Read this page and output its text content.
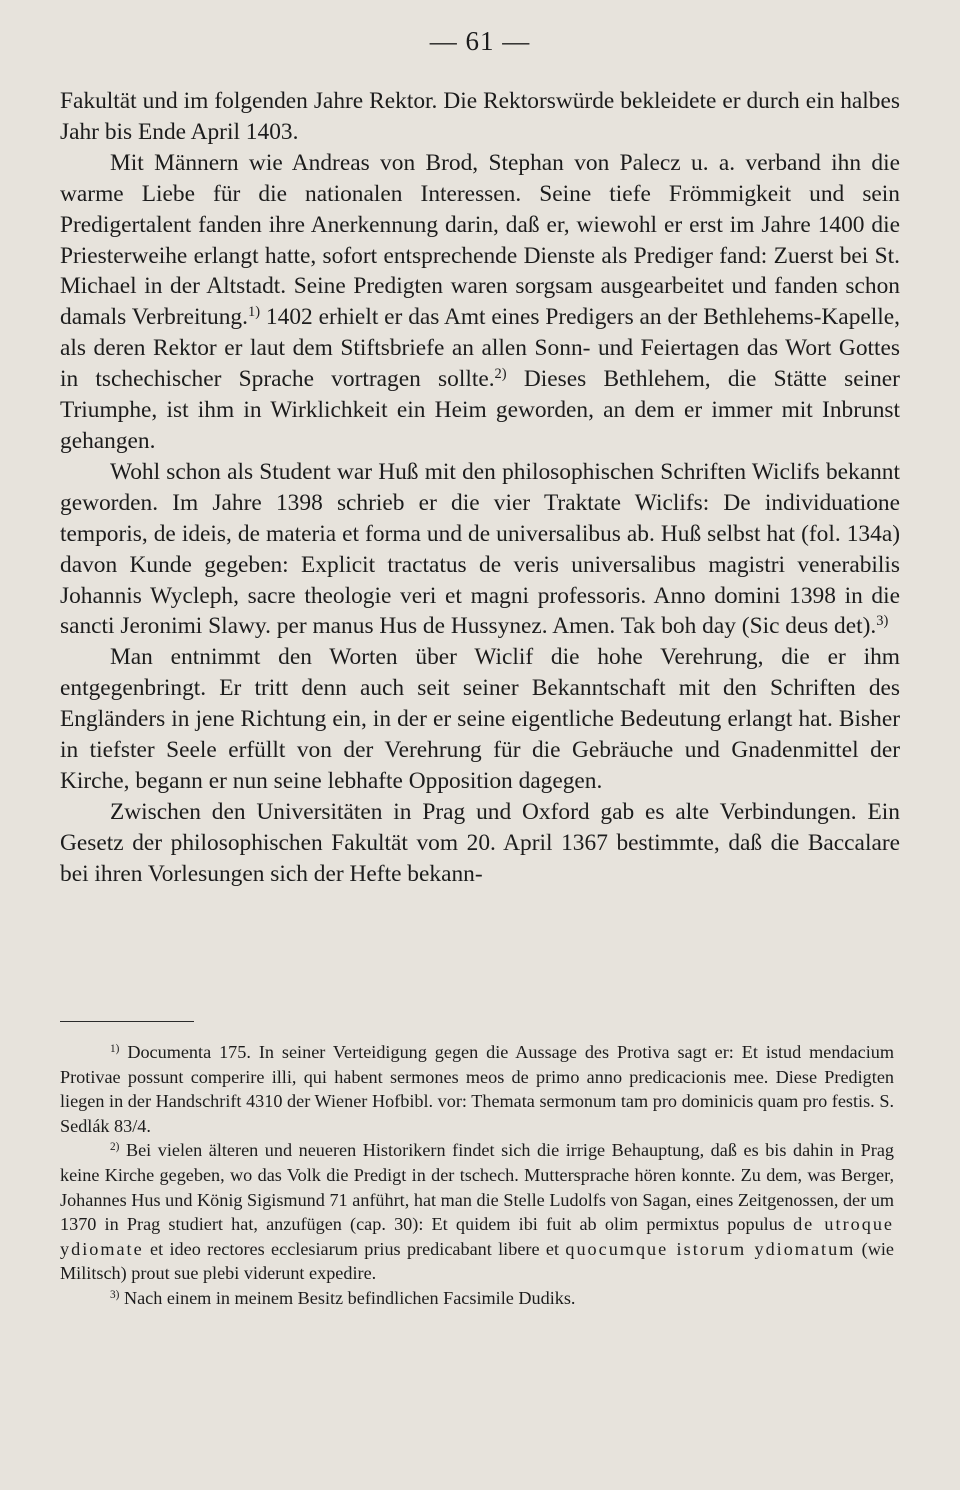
— 61 —

Fakultät und im folgenden Jahre Rektor. Die Rektorswürde bekleidete er durch ein halbes Jahr bis Ende April 1403.

Mit Männern wie Andreas von Brod, Stephan von Palecz u. a. verband ihn die warme Liebe für die nationalen Interessen. Seine tiefe Frömmigkeit und sein Predigertalent fanden ihre Anerkennung darin, daß er, wiewohl er erst im Jahre 1400 die Priesterweihe erlangt hatte, sofort entsprechende Dienste als Prediger fand: Zuerst bei St. Michael in der Altstadt. Seine Predigten waren sorgsam ausgearbeitet und fanden schon damals Verbreitung.$^{1)}$ 1402 erhielt er das Amt eines Predigers an der Bethlehems-Kapelle, als deren Rektor er laut dem Stiftsbriefe an allen Sonn- und Feiertagen das Wort Gottes in tschechischer Sprache vortragen sollte.$^{2)}$ Dieses Bethlehem, die Stätte seiner Triumphe, ist ihm in Wirklichkeit ein Heim geworden, an dem er immer mit Inbrunst gehangen.

Wohl schon als Student war Huß mit den philosophischen Schriften Wiclifs bekannt geworden. Im Jahre 1398 schrieb er die vier Traktate Wiclifs: De individuatione temporis, de ideis, de materia et forma und de universalibus ab. Huß selbst hat (fol. 134a) davon Kunde gegeben: Explicit tractatus de veris universalibus magistri venerabilis Johannis Wycleph, sacre theologie veri et magni professoris. Anno domini 1398 in die sancti Jeronimi Slawy. per manus Hus de Hussynez. Amen. Tak boh day (Sic deus det).$^{3)}$

Man entnimmt den Worten über Wiclif die hohe Verehrung, die er ihm entgegenbringt. Er tritt denn auch seit seiner Bekanntschaft mit den Schriften des Engländers in jene Richtung ein, in der er seine eigentliche Bedeutung erlangt hat. Bisher in tiefster Seele erfüllt von der Verehrung für die Gebräuche und Gnadenmittel der Kirche, begann er nun seine lebhafte Opposition dagegen.

Zwischen den Universitäten in Prag und Oxford gab es alte Verbindungen. Ein Gesetz der philosophischen Fakultät vom 20. April 1367 bestimmte, daß die Baccalare bei ihren Vorlesungen sich der Hefte bekann-

$^{1)}$ Documenta 175. In seiner Verteidigung gegen die Aussage des Protiva sagt er: Et istud mendacium Protivae possunt comperire illi, qui habent sermones meos de primo anno predicacionis mee. Diese Predigten liegen in der Handschrift 4310 der Wiener Hofbibl. vor: Themata sermonum tam pro dominicis quam pro festis. S. Sedlák 83/4.

$^{2)}$ Bei vielen älteren und neueren Historikern findet sich die irrige Behauptung, daß es bis dahin in Prag keine Kirche gegeben, wo das Volk die Predigt in der tschech. Muttersprache hören konnte. Zu dem, was Berger, Johannes Hus und König Sigismund 71 anführt, hat man die Stelle Ludolfs von Sagan, eines Zeitgenossen, der um 1370 in Prag studiert hat, anzufügen (cap. 30): Et quidem ibi fuit ab olim permixtus populus de utroque ydiomate et ideo rectores ecclesiarum prius predicabant libere et quocumque istorum ydiomatum (wie Militsch) prout sue plebi viderunt expedire.

$^{3)}$ Nach einem in meinem Besitz befindlichen Facsimile Dudiks.
